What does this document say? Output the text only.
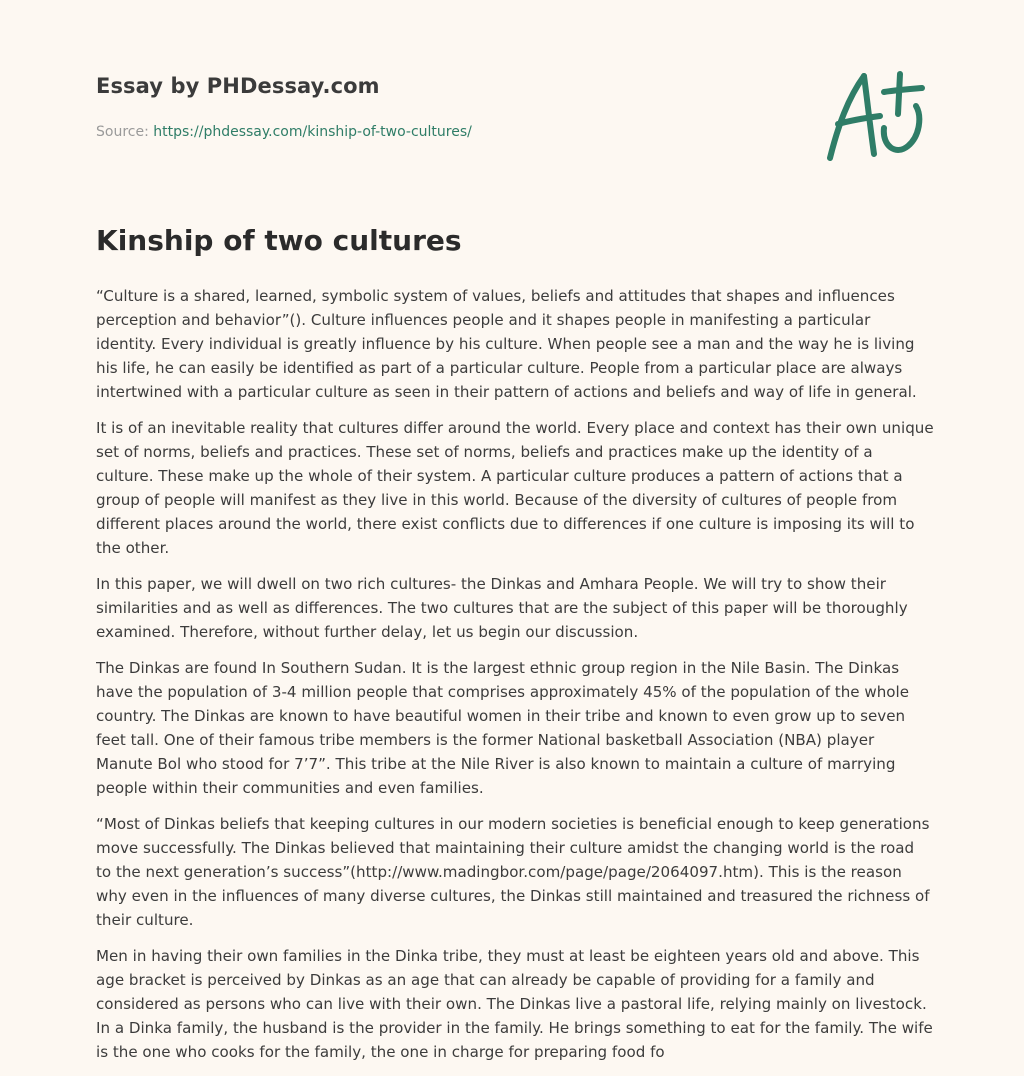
Essay by PHDessay.com
Source: https://phdessay.com/kinship-of-two-cultures/
Kinship of two cultures

“Culture is a shared, learned, symbolic system of values, beliefs and attitudes that shapes and influences perception and behavior”(). Culture influences people and it shapes people in manifesting a particular identity. Every individual is greatly influence by his culture. When people see a man and the way he is living his life, he can easily be identified as part of a particular culture. People from a particular place are always intertwined with a particular culture as seen in their pattern of actions and beliefs and way of life in general.

It is of an inevitable reality that cultures differ around the world. Every place and context has their own unique set of norms, beliefs and practices. These set of norms, beliefs and practices make up the identity of a culture. These make up the whole of their system. A particular culture produces a pattern of actions that a group of people will manifest as they live in this world. Because of the diversity of cultures of people from different places around the world, there exist conflicts due to differences if one culture is imposing its will to the other.

In this paper, we will dwell on two rich cultures- the Dinkas and Amhara People. We will try to show their similarities and as well as differences. The two cultures that are the subject of this paper will be thoroughly examined. Therefore, without further delay, let us begin our discussion.

The Dinkas are found In Southern Sudan. It is the largest ethnic group region in the Nile Basin. The Dinkas have the population of 3-4 million people that comprises approximately 45% of the population of the whole country. The Dinkas are known to have beautiful women in their tribe and known to even grow up to seven feet tall. One of their famous tribe members is the former National basketball Association (NBA) player Manute Bol who stood for 7’7”. This tribe at the Nile River is also known to maintain a culture of marrying people within their communities and even families.

“Most of Dinkas beliefs that keeping cultures in our modern societies is beneficial enough to keep generations move successfully. The Dinkas believed that maintaining their culture amidst the changing world is the road to the next generation’s success”(http://www.madingbor.com/page/page/2064097.htm). This is the reason why even in the influences of many diverse cultures, the Dinkas still maintained and treasured the richness of their culture.

Men in having their own families in the Dinka tribe, they must at least be eighteen years old and above. This age bracket is perceived by Dinkas as an age that can already be capable of providing for a family and considered as persons who can live with their own. The Dinkas live a pastoral life, relying mainly on livestock. In a Dinka family, the husband is the provider in the family. He brings something to eat for the family. The wife is the one who cooks for the family, the one in charge for preparing food fo
